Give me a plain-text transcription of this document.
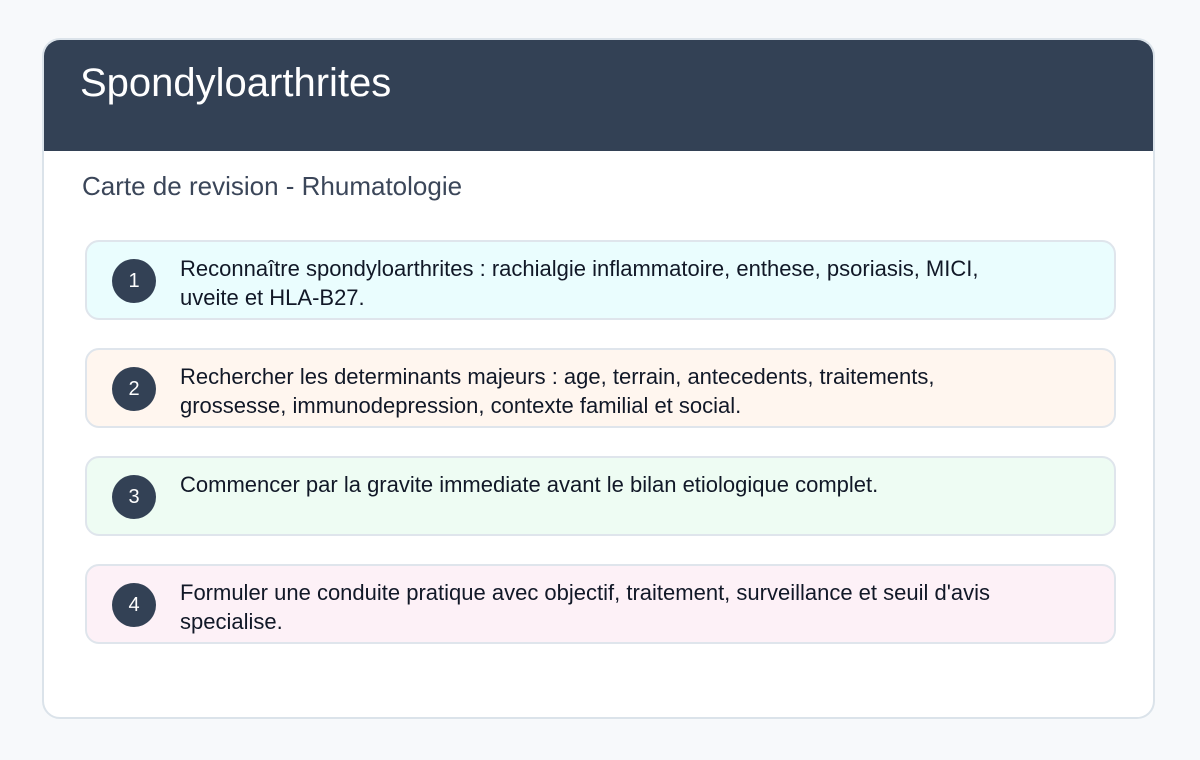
Spondyloarthrites
Carte de revision - Rhumatologie
1	Reconnaître spondyloarthrites : rachialgie inflammatoire, enthese, psoriasis, MICI, uveite et HLA-B27.
2	Rechercher les determinants majeurs : age, terrain, antecedents, traitements, grossesse, immunodepression, contexte familial et social.
3	Commencer par la gravite immediate avant le bilan etiologique complet.
4	Formuler une conduite pratique avec objectif, traitement, surveillance et seuil d'avis specialise.
